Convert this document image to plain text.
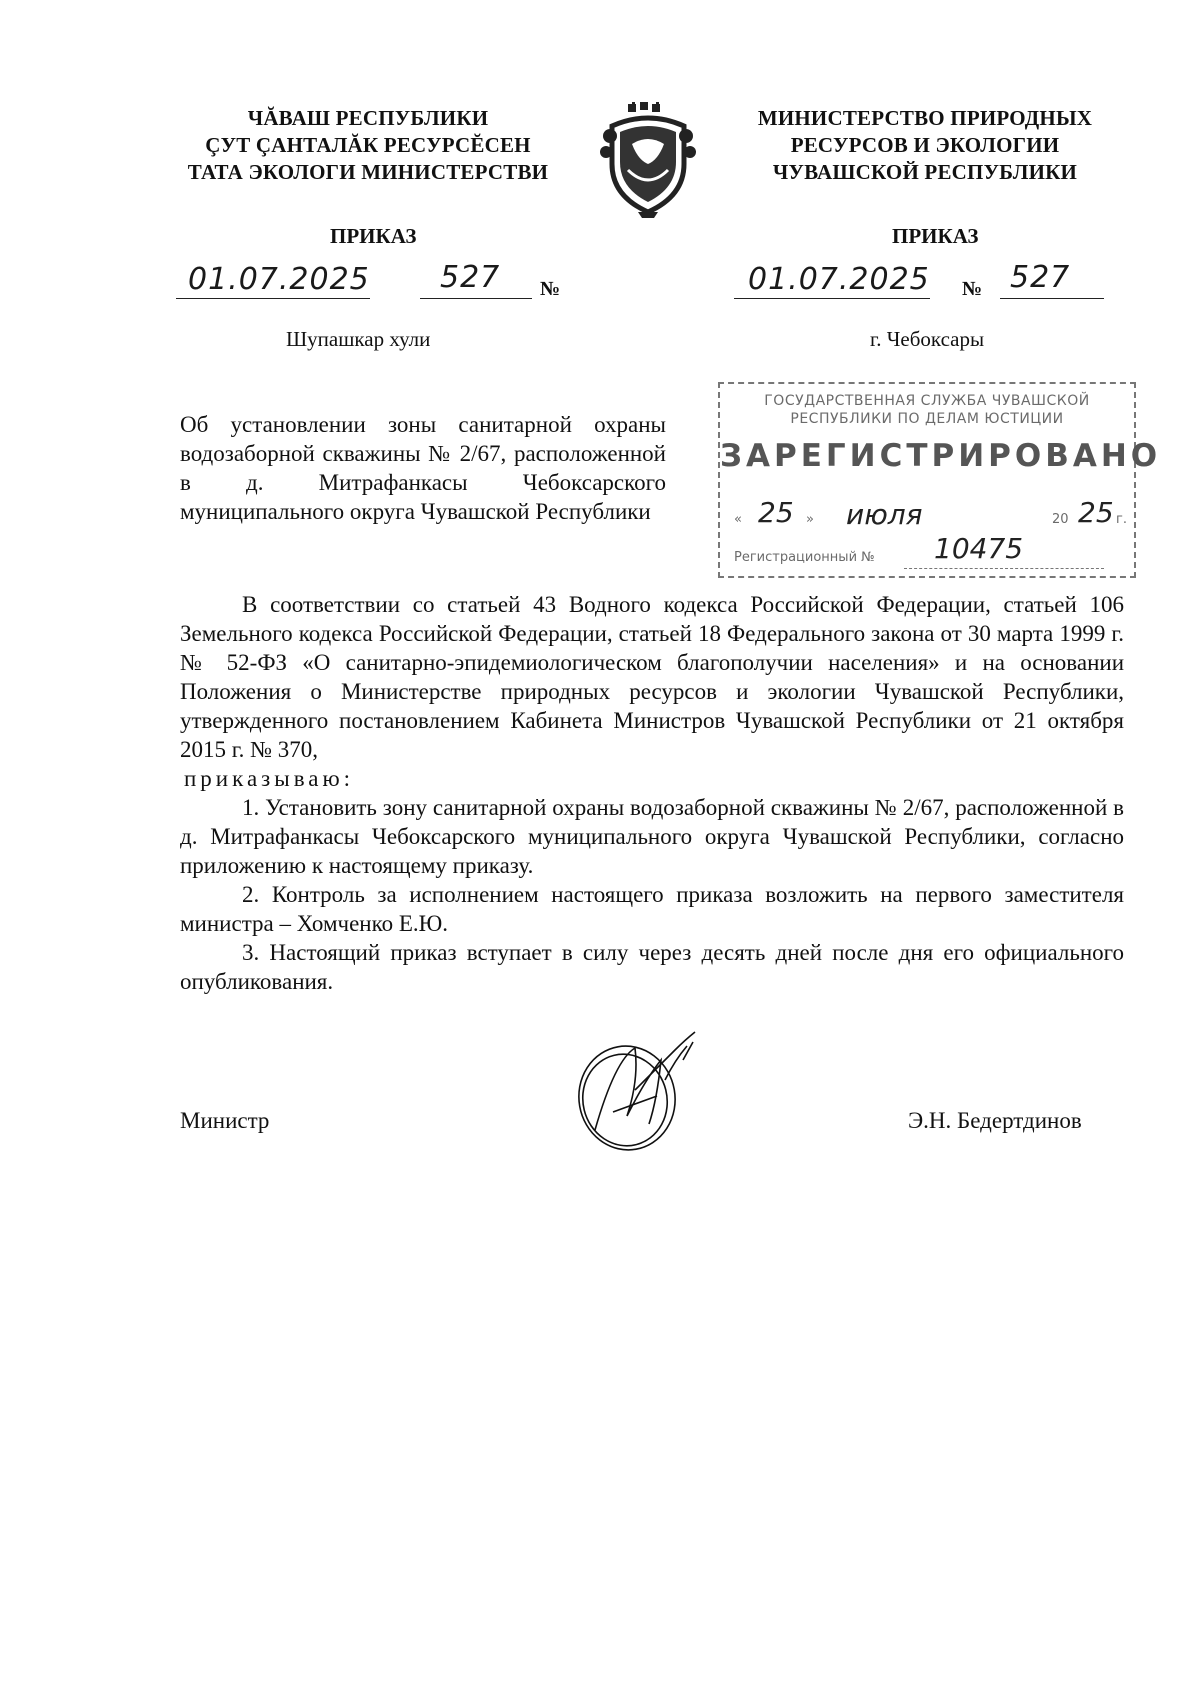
ЧĂВАШ РЕСПУБЛИКИ
ÇУТ ÇАНТАЛĂК РЕСУРСĔСЕН
ТАТА ЭКОЛОГИ МИНИСТЕРСТВИ
МИНИСТЕРСТВО ПРИРОДНЫХ
РЕСУРСОВ И ЭКОЛОГИИ
ЧУВАШСКОЙ РЕСПУБЛИКИ
ПРИКАЗ	ПРИКАЗ
01.07.2025 527 №	01.07.2025 № 527
Шупашкар хули	г. Чебоксары
Об установлении зоны санитарной охраны водозаборной скважины № 2/67, расположенной в д. Митрафанкасы Чебоксарского муниципального округа Чувашской Республики
ГОСУДАРСТВЕННАЯ СЛУЖБА ЧУВАШСКОЙ
РЕСПУБЛИКИ ПО ДЕЛАМ ЮСТИЦИИ
ЗАРЕГИСТРИРОВАНО
« 25 » июля	20 25 г.
Регистрационный № 10475
В соответствии со статьей 43 Водного кодекса Российской Федерации, статьей 106 Земельного кодекса Российской Федерации, статьей 18 Федерального закона от 30 марта 1999 г. № 52-ФЗ «О санитарно-эпидемиологическом благополучии населения» и на основании Положения о Министерстве природных ресурсов и экологии Чувашской Республики, утвержденного постановлением Кабинета Министров Чувашской Республики от 21 октября 2015 г. № 370,
приказываю:
1. Установить зону санитарной охраны водозаборной скважины № 2/67, расположенной в д. Митрафанкасы Чебоксарского муниципального округа Чувашской Республики, согласно приложению к настоящему приказу.
2. Контроль за исполнением настоящего приказа возложить на первого заместителя министра – Хомченко Е.Ю.
3. Настоящий приказ вступает в силу через десять дней после дня его официального опубликования.
Министр	Э.Н. Бедертдинов
